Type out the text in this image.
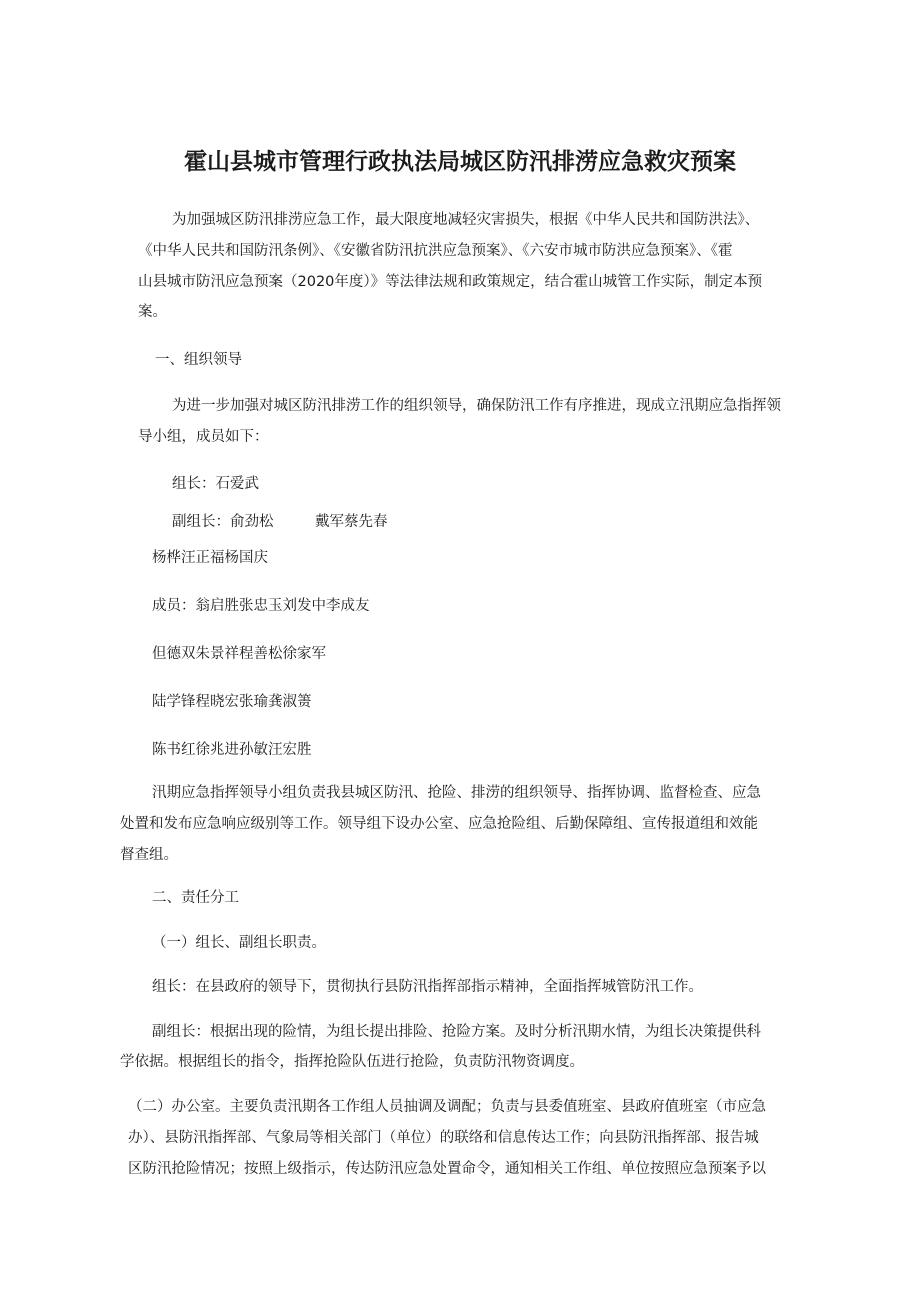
霍山县城市管理行政执法局城区防汛排涝应急救灾预案
为加强城区防汛排涝应急工作，最大限度地减轻灾害损失，根据《中华人民共和国防洪法》、
《中华人民共和国防汛条例》、《安徽省防汛抗洪应急预案》、《六安市城市防洪应急预案》、《霍
山县城市防汛应急预案（2020年度）》等法律法规和政策规定，结合霍山城管工作实际，制定本预
案。
一、组织领导
为进一步加强对城区防汛排涝工作的组织领导，确保防汛工作有序推进，现成立汛期应急指挥领
导小组，成员如下：
组长：石爱武
副组长：俞劲松	戴军蔡先春
杨桦汪正福杨国庆
成员：翁启胜张忠玉刘发中李成友
但德双朱景祥程善松徐家军
陆学锋程晓宏张瑜龚淑箦
陈书红徐兆进孙敏汪宏胜
汛期应急指挥领导小组负责我县城区防汛、抢险、排涝的组织领导、指挥协调、监督检查、应急
处置和发布应急响应级别等工作。领导组下设办公室、应急抢险组、后勤保障组、宣传报道组和效能
督查组。
二、责任分工
（一）组长、副组长职责。
组长：在县政府的领导下，贯彻执行县防汛指挥部指示精神，全面指挥城管防汛工作。
副组长：根据出现的险情，为组长提出排险、抢险方案。及时分析汛期水情，为组长决策提供科
学依据。根据组长的指令，指挥抢险队伍进行抢险，负责防汛物资调度。
（二）办公室。主要负责汛期各工作组人员抽调及调配；负责与县委值班室、县政府值班室（市应急
办）、县防汛指挥部、气象局等相关部门（单位）的联络和信息传达工作；向县防汛指挥部、报告城
区防汛抢险情况；按照上级指示，传达防汛应急处置命令，通知相关工作组、单位按照应急预案予以
